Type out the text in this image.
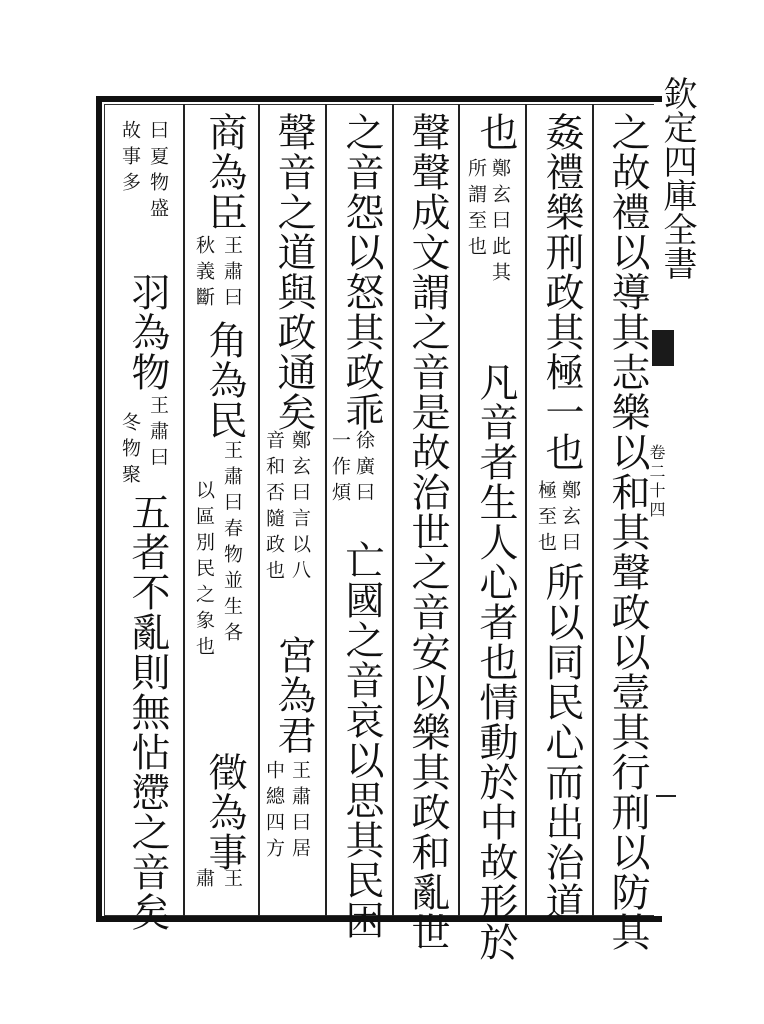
欽定四庫全書
卷二十四
之故禮以導其志樂以和其聲政以壹其行刑以防其
姦禮樂刑政其極一也
鄭玄曰
極至也
所以同民心而出治道
也
鄭玄曰此其
所謂至也
凡音者生人心者也情動於中故形於
聲聲成文謂之音是故治世之音安以樂其政和亂世
之音怨以怒其政乖
徐廣曰
一作煩
亡國之音哀以思其民困
聲音之道與政通矣
鄭玄曰言以八
音和否隨政也
宮為君
王肅曰居
中總四方
商為臣
王肅曰
秋義斷
角為民
王肅曰春物並生各
以區別民之象也
徵為事
王
肅
曰夏物盛
故事多
羽為物
王肅曰
冬物聚
五者不亂則無怗懘之音矣
